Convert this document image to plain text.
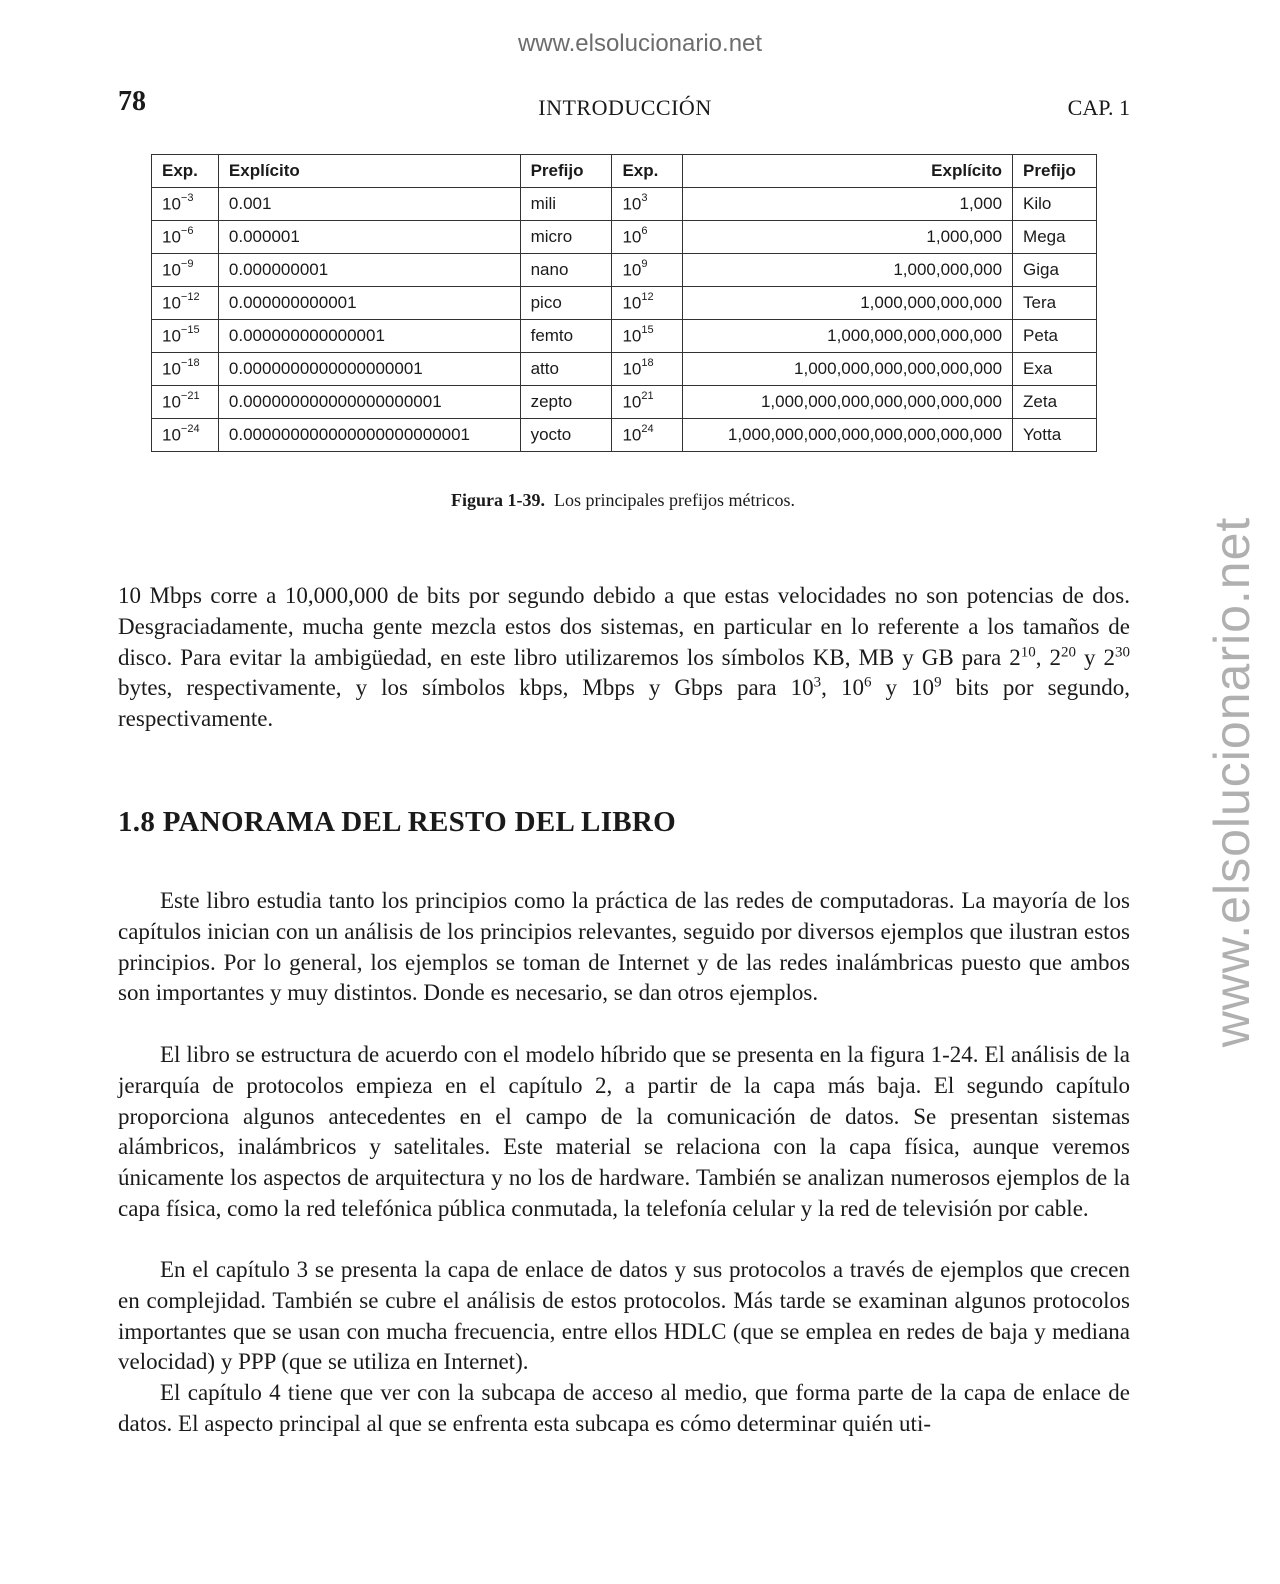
www.elsolucionario.net
www.elsolucionario.net
78	INTRODUCCIÓN	CAP. 1
Exp.	Explícito	Prefijo	Exp.	Explícito	Prefijo
$10^{-3}$	0.001	mili	$10^3$	1,000	Kilo
$10^{-6}$	0.000001	micro	$10^6$	1,000,000	Mega
$10^{-9}$	0.000000001	nano	$10^9$	1,000,000,000	Giga
$10^{-12}$	0.000000000001	pico	$10^{12}$	1,000,000,000,000	Tera
$10^{-15}$	0.000000000000001	femto	$10^{15}$	1,000,000,000,000,000	Peta
$10^{-18}$	0.0000000000000000001	atto	$10^{18}$	1,000,000,000,000,000,000	Exa
$10^{-21}$	0.000000000000000000001	zepto	$10^{21}$	1,000,000,000,000,000,000,000	Zeta
$10^{-24}$	0.000000000000000000000001	yocto	$10^{24}$	1,000,000,000,000,000,000,000,000	Yotta
Figura 1-39. Los principales prefijos métricos.

10 Mbps corre a 10,000,000 de bits por segundo debido a que estas velocidades no son potencias de dos. Desgraciadamente, mucha gente mezcla estos dos sistemas, en particular en lo referente a los tamaños de disco. Para evitar la ambigüedad, en este libro utilizaremos los símbolos KB, MB y GB para $2^{10}$, $2^{20}$ y $2^{30}$ bytes, respectivamente, y los símbolos kbps, Mbps y Gbps para $10^3$, $10^6$ y $10^9$ bits por segundo, respectivamente.

1.8 PANORAMA DEL RESTO DEL LIBRO

Este libro estudia tanto los principios como la práctica de las redes de computadoras. La mayoría de los capítulos inician con un análisis de los principios relevantes, seguido por diversos ejemplos que ilustran estos principios. Por lo general, los ejemplos se toman de Internet y de las redes inalámbricas puesto que ambos son importantes y muy distintos. Donde es necesario, se dan otros ejemplos.

El libro se estructura de acuerdo con el modelo híbrido que se presenta en la figura 1-24. El análisis de la jerarquía de protocolos empieza en el capítulo 2, a partir de la capa más baja. El segundo capítulo proporciona algunos antecedentes en el campo de la comunicación de datos. Se presentan sistemas alámbricos, inalámbricos y satelitales. Este material se relaciona con la capa física, aunque veremos únicamente los aspectos de arquitectura y no los de hardware. También se analizan numerosos ejemplos de la capa física, como la red telefónica pública conmutada, la telefonía celular y la red de televisión por cable.

En el capítulo 3 se presenta la capa de enlace de datos y sus protocolos a través de ejemplos que crecen en complejidad. También se cubre el análisis de estos protocolos. Más tarde se examinan algunos protocolos importantes que se usan con mucha frecuencia, entre ellos HDLC (que se emplea en redes de baja y mediana velocidad) y PPP (que se utiliza en Internet).

El capítulo 4 tiene que ver con la subcapa de acceso al medio, que forma parte de la capa de enlace de datos. El aspecto principal al que se enfrenta esta subcapa es cómo determinar quién uti-
